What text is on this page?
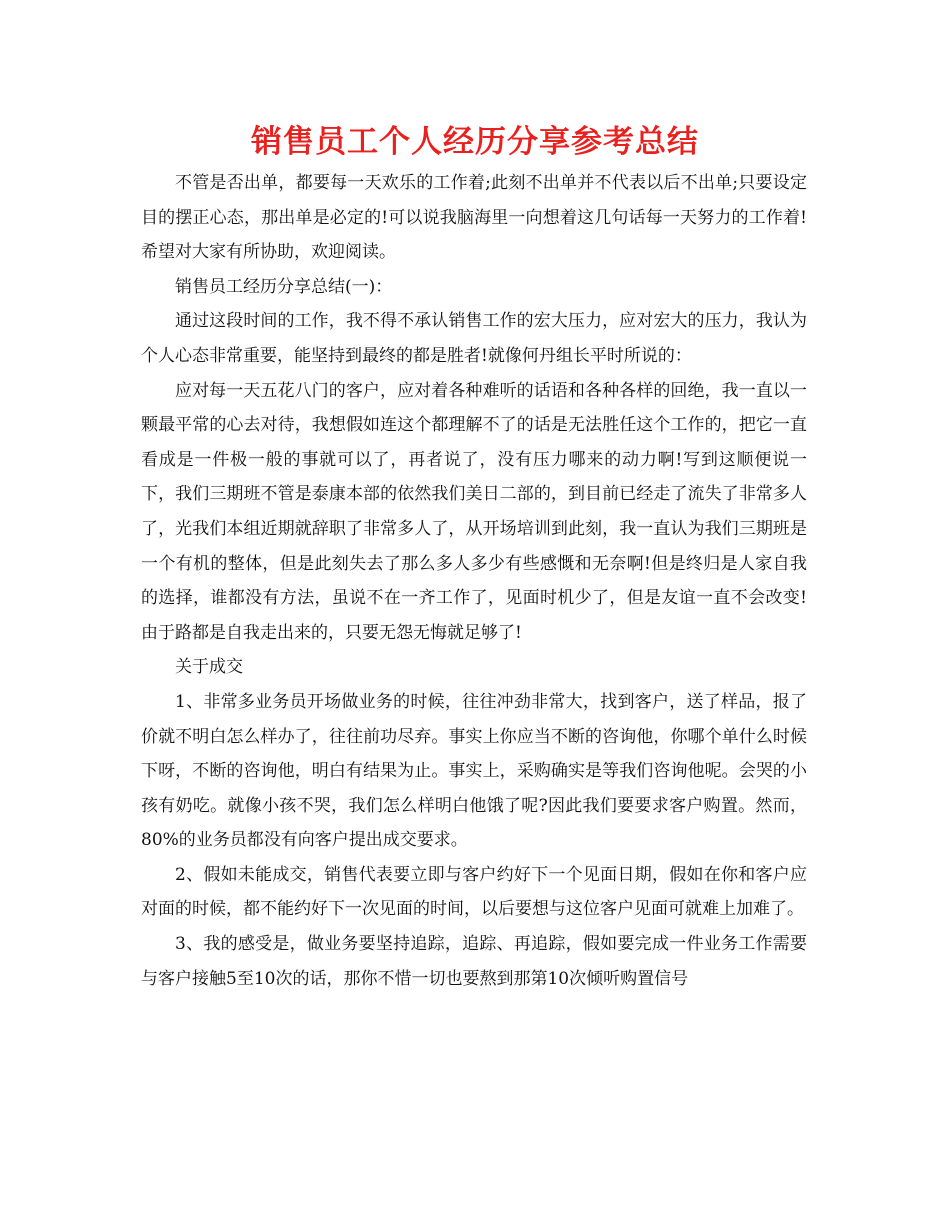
销售员工个人经历分享参考总结

不管是否出单，都要每一天欢乐的工作着;此刻不出单并不代表以后不出单;只要设定目的摆正心态，那出单是必定的!可以说我脑海里一向想着这几句话每一天努力的工作着!希望对大家有所协助，欢迎阅读。

销售员工经历分享总结(一)：

通过这段时间的工作，我不得不承认销售工作的宏大压力，应对宏大的压力，我认为个人心态非常重要，能坚持到最终的都是胜者!就像何丹组长平时所说的：

应对每一天五花八门的客户，应对着各种难听的话语和各种各样的回绝，我一直以一颗最平常的心去对待，我想假如连这个都理解不了的话是无法胜任这个工作的，把它一直看成是一件极一般的事就可以了，再者说了，没有压力哪来的动力啊!写到这顺便说一下，我们三期班不管是泰康本部的依然我们美日二部的，到目前已经走了流失了非常多人了，光我们本组近期就辞职了非常多人了，从开场培训到此刻，我一直认为我们三期班是一个有机的整体，但是此刻失去了那么多人多少有些感慨和无奈啊!但是终归是人家自我的选择，谁都没有方法，虽说不在一齐工作了，见面时机少了，但是友谊一直不会改变!由于路都是自我走出来的，只要无怨无悔就足够了!

关于成交

1、非常多业务员开场做业务的时候，往往冲劲非常大，找到客户，送了样品，报了价就不明白怎么样办了，往往前功尽弃。事实上你应当不断的咨询他，你哪个单什么时候下呀，不断的咨询他，明白有结果为止。事实上，采购确实是等我们咨询他呢。会哭的小孩有奶吃。就像小孩不哭，我们怎么样明白他饿了呢?因此我们要要求客户购置。然而，80%的业务员都没有向客户提出成交要求。

2、假如未能成交，销售代表要立即与客户约好下一个见面日期，假如在你和客户应对面的时候，都不能约好下一次见面的时间，以后要想与这位客户见面可就难上加难了。

3、我的感受是，做业务要坚持追踪，追踪、再追踪，假如要完成一件业务工作需要与客户接触5至10次的话，那你不惜一切也要熬到那第10次倾听购置信号
